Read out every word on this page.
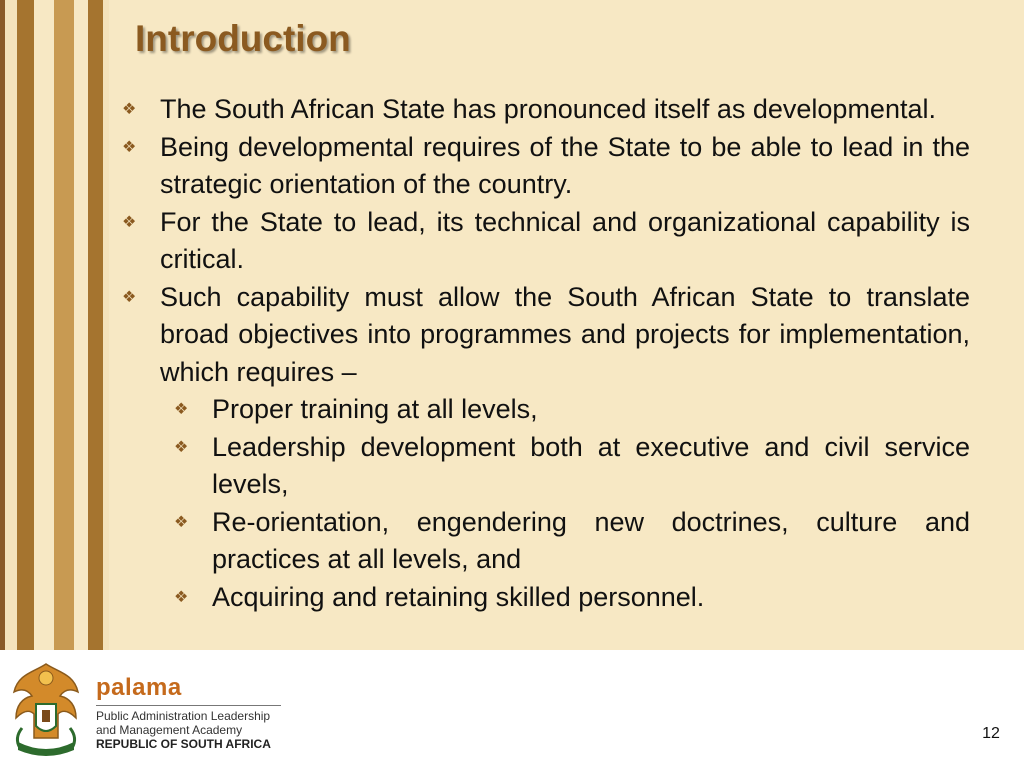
Introduction
❖ The South African State has pronounced itself as developmental.
❖ Being developmental requires of the State to be able to lead in the strategic orientation of the country.
❖ For the State to lead, its technical and organizational capability is critical.
❖ Such capability must allow the South African State to translate broad objectives into programmes and projects for implementation, which requires –
❖ Proper training at all levels,
❖ Leadership development both at executive and civil service levels,
❖ Re-orientation, engendering new doctrines, culture and practices at all levels, and
❖ Acquiring and retaining skilled personnel.

palama

Public Administration Leadership
and Management Academy
REPUBLIC OF SOUTH AFRICA
12
